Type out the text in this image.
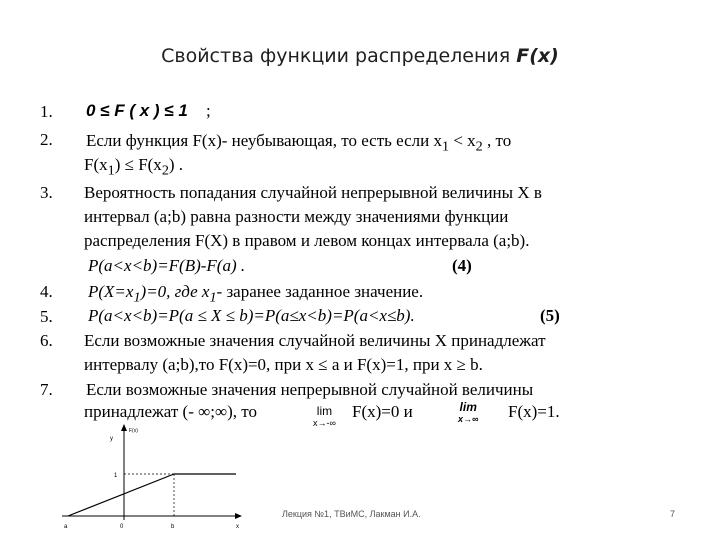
Свойства функции распределения F(x)
1.
2.
3.
4.
5.
6.
7.
0 ≤ F ( x ) ≤ 1 ;
Если функция F(x)- неубывающая, то есть если $x_1 < x_2$ , то
$F(x_1) \le F(x_2)$ .
Вероятность попадания случайной непрерывной величины X в
интервал (a;b) равна разности между значениями функции
распределения F(X) в правом и левом концах интервала (a;b).
P(a<x<b)=F(B)-F(a) .	(4)
$P(X=x_1)=0$, где $x_1-$ заранее заданное значение.
P(a<x<b)=P(a ≤ X ≤ b)=P(a≤x<b)=P(a<x≤b).	(5)
Если возможные значения случайной величины X принадлежат
интервалу (a;b),то F(x)=0, при x ≤ a и F(x)=1, при x ≥ b.
Если возможные значения непрерывной случайной величины
принадлежат (- ∞;∞), то	lim
x→-∞
F(x)=0 и	lim
x→∞ F(x)=1.
y
F(x)
1
a	0	b	x
Лекция №1, ТВиМС, Лакман И.А.	7
